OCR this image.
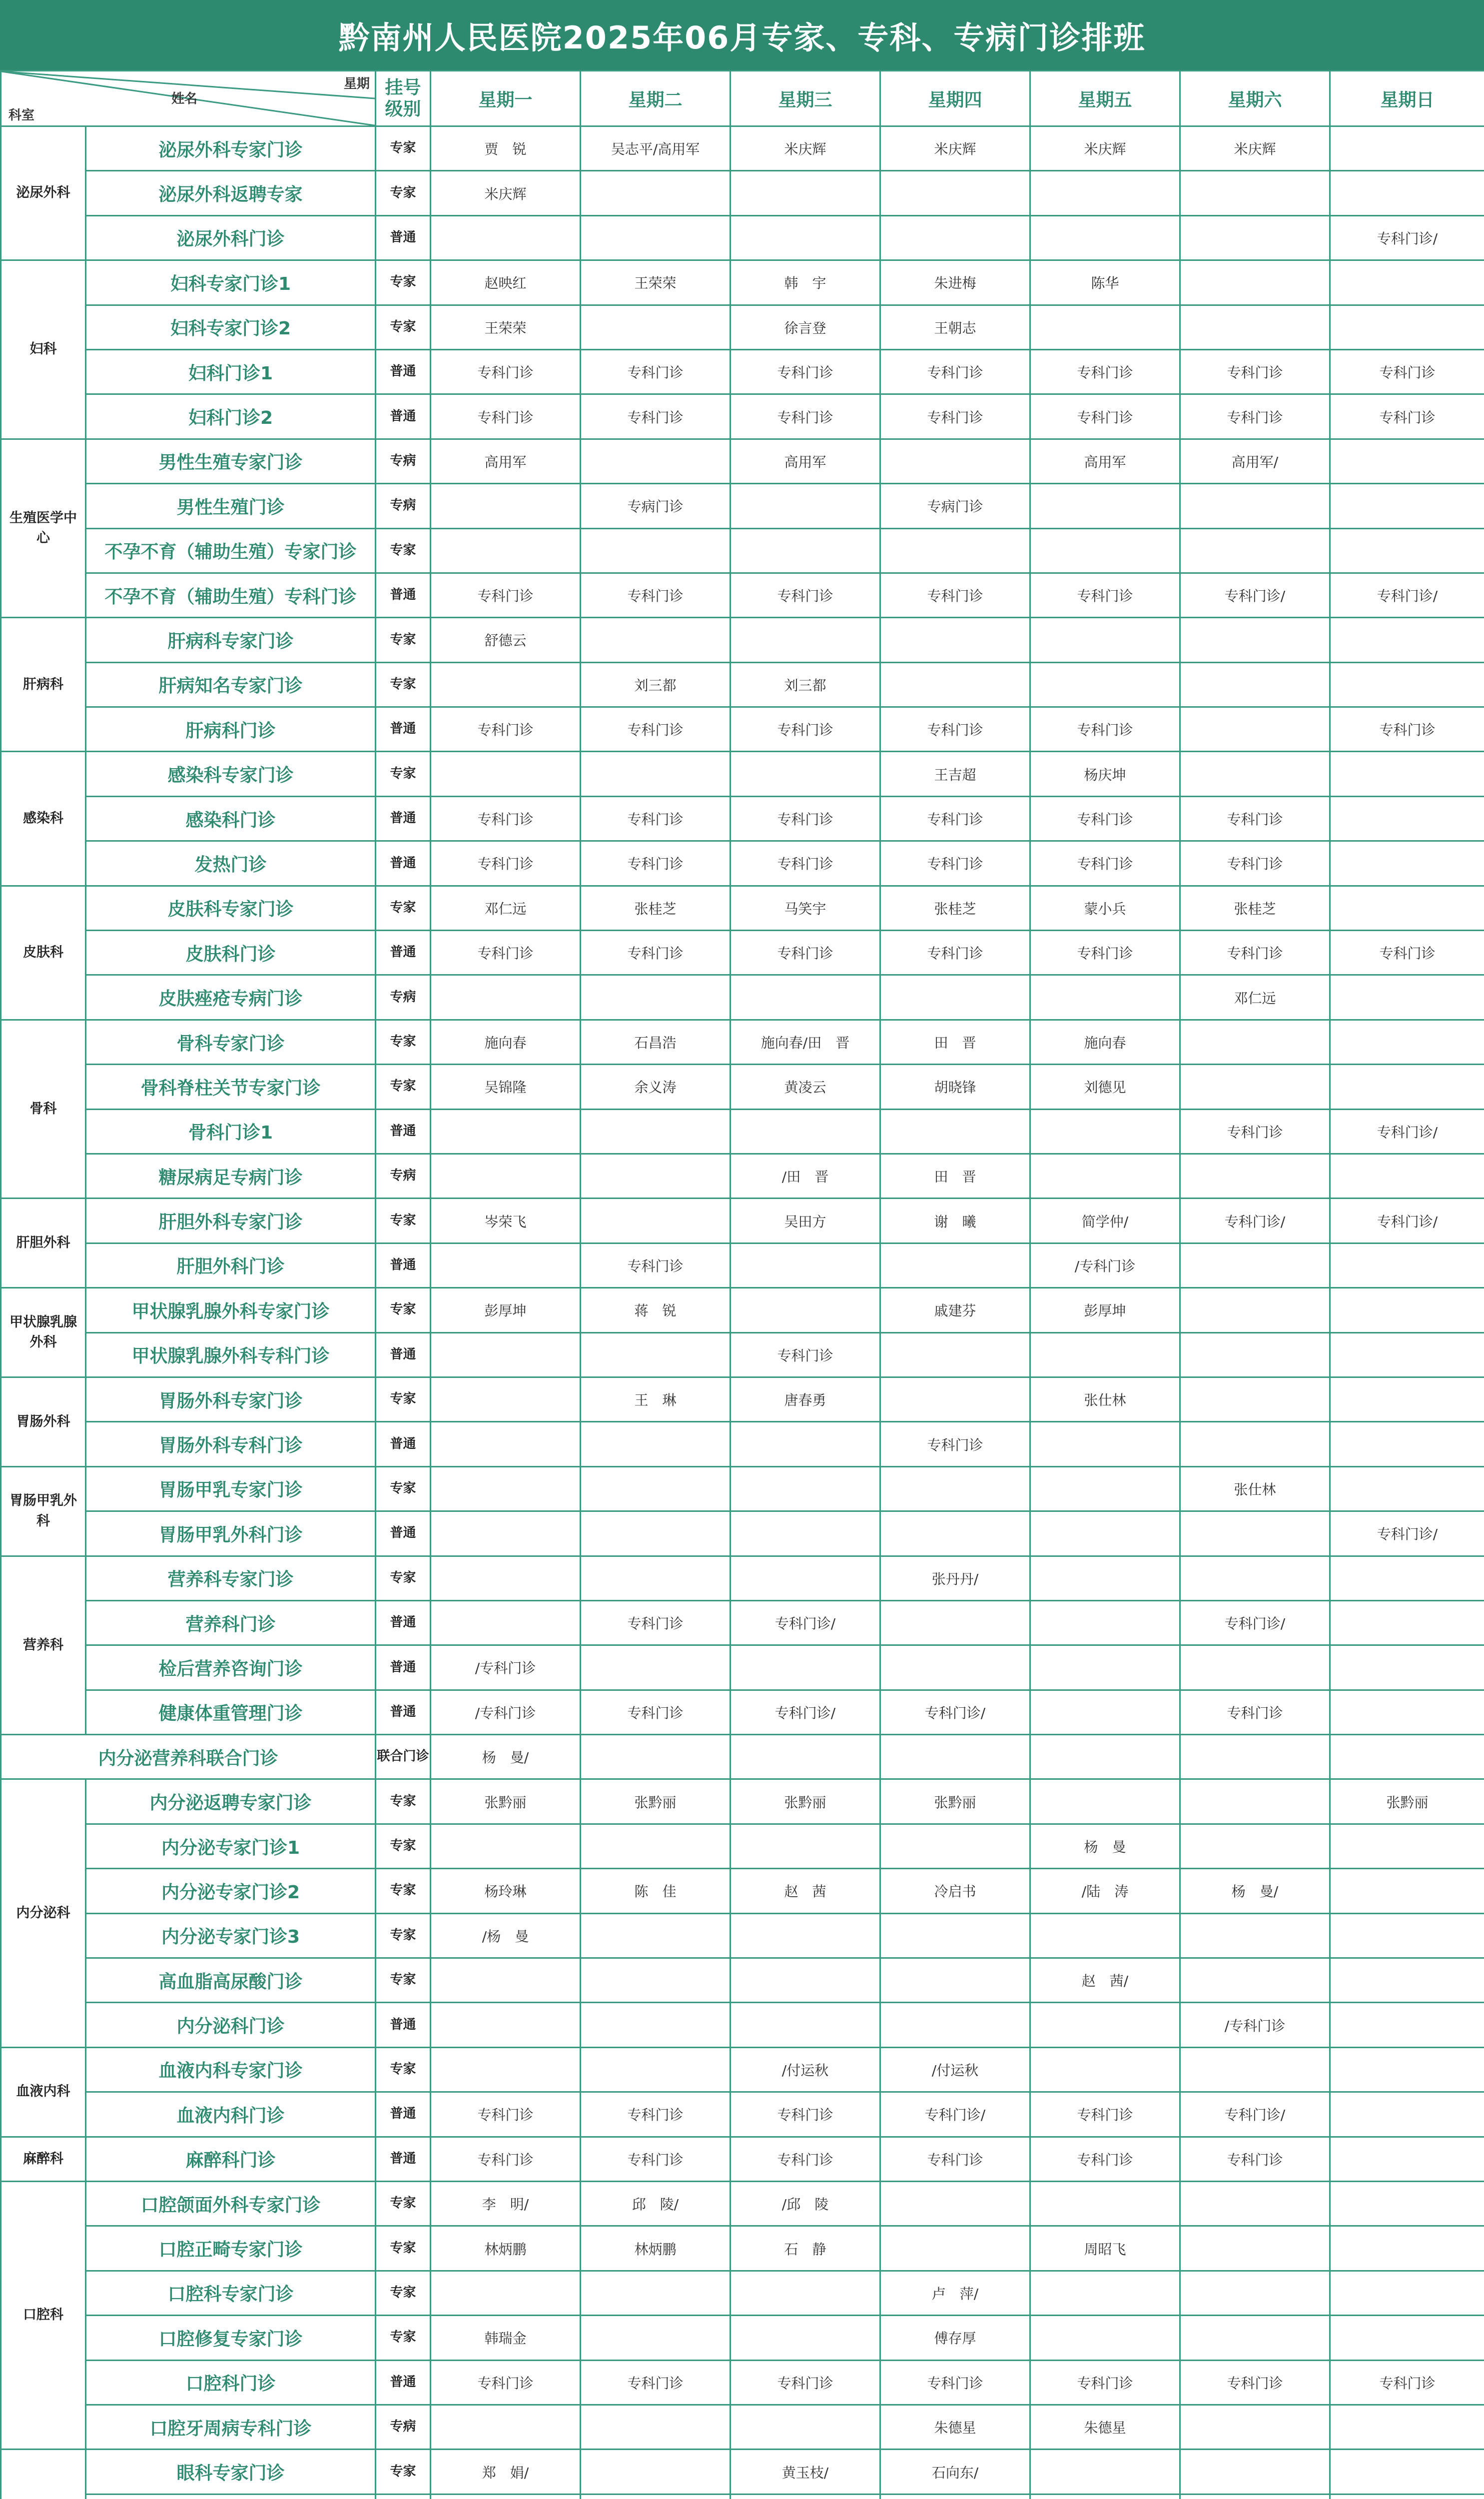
黔南州人民医院2025年06月专家、专科、专病门诊排班
星期
姓名
科室		挂号级别	星期一	星期二	星期三	星期四	星期五	星期六	星期日
泌尿外科	泌尿外科专家门诊	专家	贾　锐	吴志平/高用军	米庆辉	米庆辉	米庆辉	米庆辉	
	泌尿外科返聘专家	专家	米庆辉						
	泌尿外科门诊	普通							专科门诊/
妇科	妇科专家门诊1	专家	赵映红	王荣荣	韩　宇	朱进梅	陈华		
	妇科专家门诊2	专家	王荣荣		徐言登	王朝志			
	妇科门诊1	普通	专科门诊	专科门诊	专科门诊	专科门诊	专科门诊	专科门诊	专科门诊
	妇科门诊2	普通	专科门诊	专科门诊	专科门诊	专科门诊	专科门诊	专科门诊	专科门诊
生殖医学中心	男性生殖专家门诊	专病	高用军		高用军		高用军	高用军/	
	男性生殖门诊	专病		专病门诊		专病门诊			
	不孕不育（辅助生殖）专家门诊	专家							
	不孕不育（辅助生殖）专科门诊	普通	专科门诊	专科门诊	专科门诊	专科门诊	专科门诊	专科门诊/	专科门诊/
肝病科	肝病科专家门诊	专家	舒德云						
	肝病知名专家门诊	专家		刘三都	刘三都				
	肝病科门诊	普通	专科门诊	专科门诊	专科门诊	专科门诊	专科门诊		专科门诊
感染科	感染科专家门诊	专家				王吉超	杨庆坤		
	感染科门诊	普通	专科门诊	专科门诊	专科门诊	专科门诊	专科门诊	专科门诊	
	发热门诊	普通	专科门诊	专科门诊	专科门诊	专科门诊	专科门诊	专科门诊	
皮肤科	皮肤科专家门诊	专家	邓仁远	张桂芝	马笑宇	张桂芝	蒙小兵	张桂芝	
	皮肤科门诊	普通	专科门诊	专科门诊	专科门诊	专科门诊	专科门诊	专科门诊	专科门诊
	皮肤痤疮专病门诊	专病						邓仁远	
骨科	骨科专家门诊	专家	施向春	石昌浩	施向春/田　晋	田　晋	施向春		
	骨科脊柱关节专家门诊	专家	吴锦隆	余义涛	黄凌云	胡晓锋	刘德见		
	骨科门诊1	普通						专科门诊	专科门诊/
	糖尿病足专病门诊	专病			/田　晋	田　晋			
肝胆外科	肝胆外科专家门诊	专家	岑荣飞		吴田方	谢　曦	简学仲/	专科门诊/	专科门诊/
	肝胆外科门诊	普通		专科门诊			/专科门诊		
甲状腺乳腺外科	甲状腺乳腺外科专家门诊	专家	彭厚坤	蒋　锐		戚建芬	彭厚坤		
	甲状腺乳腺外科专科门诊	普通			专科门诊				
胃肠外科	胃肠外科专家门诊	专家		王　琳	唐春勇		张仕林		
	胃肠外科专科门诊	普通				专科门诊			
胃肠甲乳外科	胃肠甲乳专家门诊	专家						张仕林	
	胃肠甲乳外科门诊	普通							专科门诊/
营养科	营养科专家门诊	专家				张丹丹/			
	营养科门诊	普通		专科门诊	专科门诊/			专科门诊/	
	检后营养咨询门诊	普通	/专科门诊						
	健康体重管理门诊	普通	/专科门诊	专科门诊	专科门诊/	专科门诊/		专科门诊	
内分泌营养科联合门诊		联合门诊	杨　曼/						
内分泌科	内分泌返聘专家门诊	专家	张黔丽	张黔丽	张黔丽	张黔丽			张黔丽
	内分泌专家门诊1	专家					杨　曼		
	内分泌专家门诊2	专家	杨玲琳	陈　佳	赵　茜	冷启书	/陆　涛	杨　曼/	
	内分泌专家门诊3	专家	/杨　曼						
	高血脂高尿酸门诊	专家					赵　茜/		
	内分泌科门诊	普通						/专科门诊	
血液内科	血液内科专家门诊	专家			/付运秋	/付运秋			
	血液内科门诊	普通	专科门诊	专科门诊	专科门诊	专科门诊/	专科门诊	专科门诊/	
麻醉科	麻醉科门诊	普通	专科门诊	专科门诊	专科门诊	专科门诊	专科门诊	专科门诊	
口腔科	口腔颌面外科专家门诊	专家	李　明/	邱　陵/	/邱　陵				
	口腔正畸专家门诊	专家	林炳鹏	林炳鹏	石　静		周昭飞		
	口腔科专家门诊	专家				卢　萍/			
	口腔修复专家门诊	专家	韩瑞金			傅存厚			
	口腔科门诊	普通	专科门诊	专科门诊	专科门诊	专科门诊	专科门诊	专科门诊	专科门诊
	口腔牙周病专科门诊	专病				朱德星	朱德星		
	眼科专家门诊	专家	郑　娟/		黄玉枝/	石向东/			
